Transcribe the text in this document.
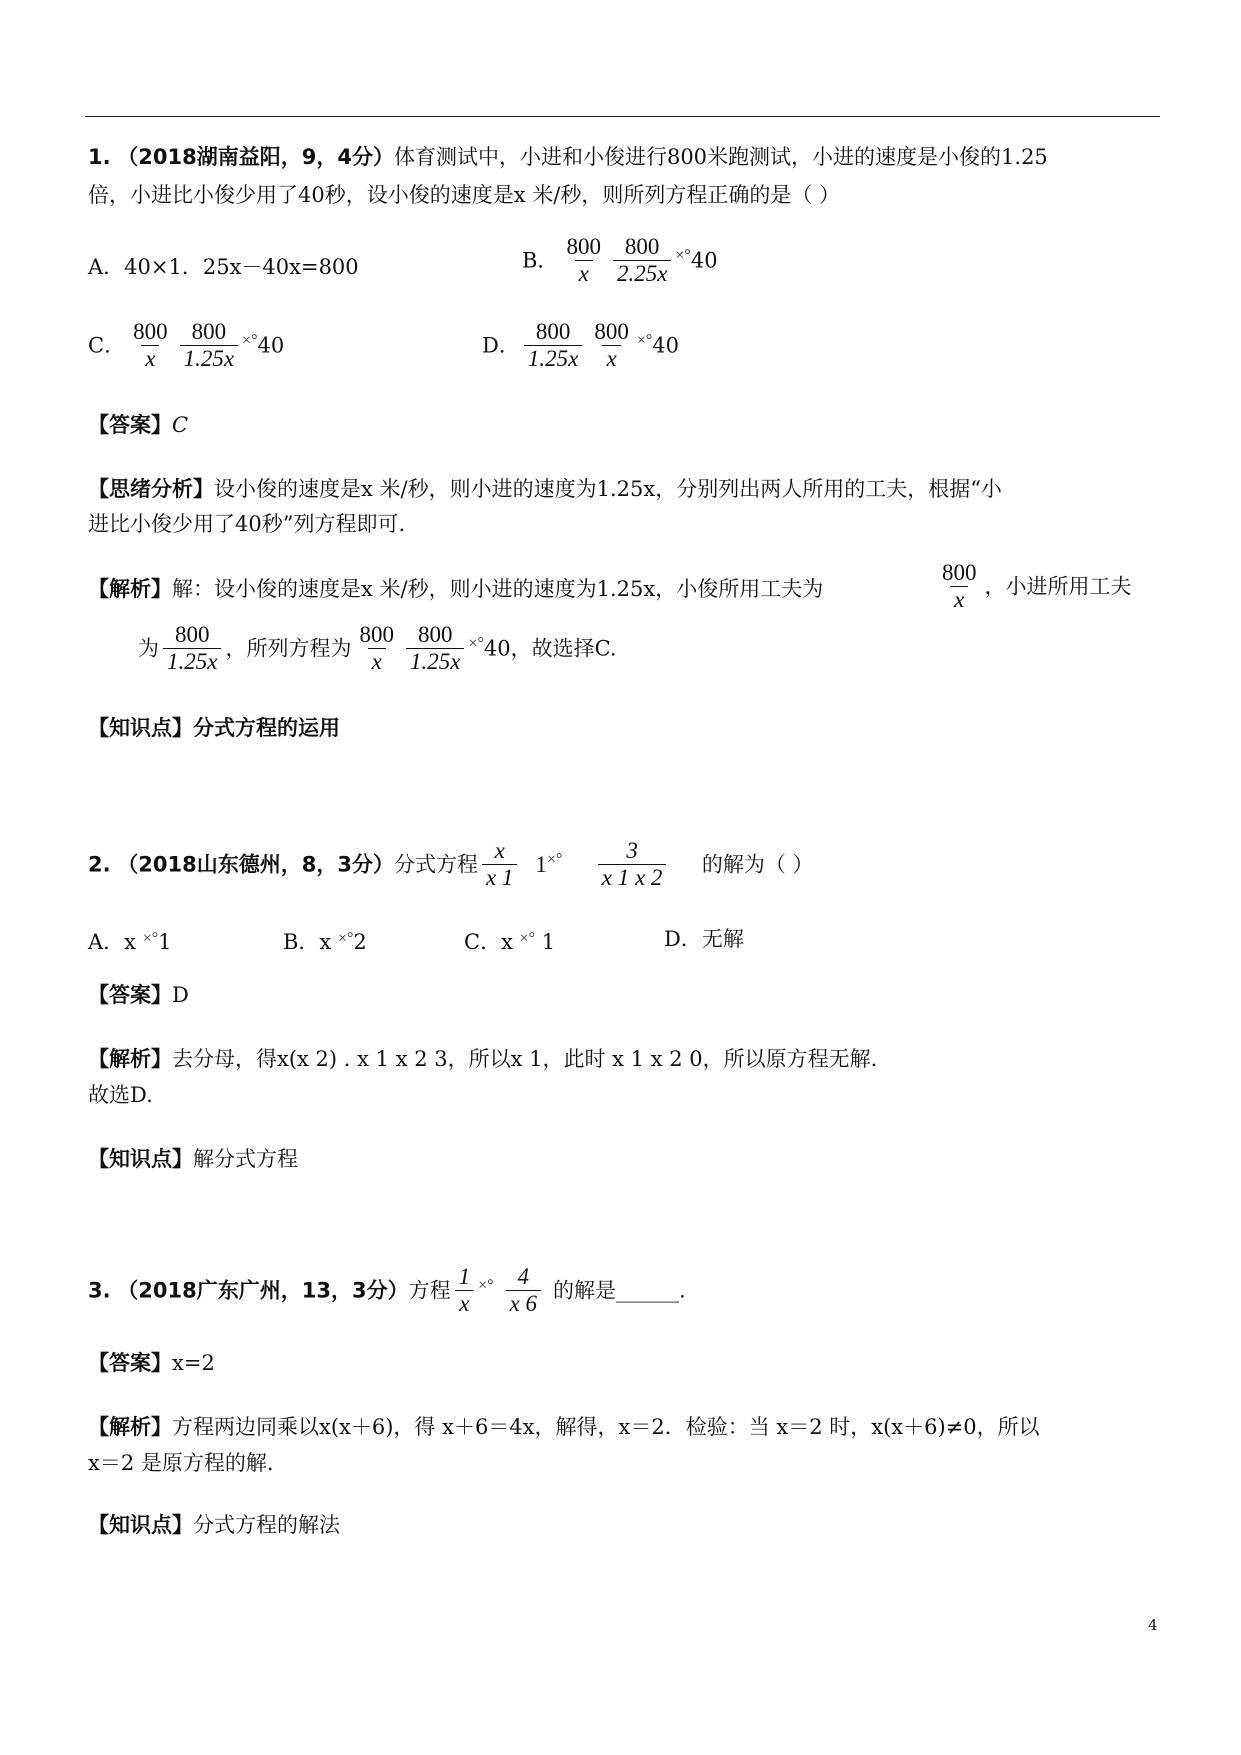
1. （2018湖南益阳，9，4分）体育测试中，小进和小俊进行800米跑测试，小进的速度是小俊的1.25
倍，小进比小俊少用了40秒，设小俊的速度是x 米/秒，则所列方程正确的是（ ）
A．40×1．25x－40x=800	B． $\frac{800}{x} \frac{800}{2.25x} ^{\times^\circ}40$
C． $\frac{800}{x} \frac{800}{1.25x} ^{\times^\circ}40$	D． $\frac{800}{1.25x} \frac{800}{x} ^{\times^\circ}40$
【答案】C
【思绪分析】设小俊的速度是x 米/秒，则小进的速度为1.25x，分别列出两人所用的工夫，根据“小
进比小俊少用了40秒”列方程即可.
【解析】解：设小俊的速度是x 米/秒，则小进的速度为1.25x，小俊所用工夫为	$\frac{800}{x}$ ，小进所用工夫
为 $\frac{800}{1.25x}$ ，所列方程为 $\frac{800}{x} \frac{800}{1.25x} ^{\times^\circ}40$，故选择C.
【知识点】分式方程的运用
2. （2018山东德州，8，3分）分式方程 $\frac{x}{x 1} 1^{\times^\circ} \frac{3}{x 1 x 2}$ 的解为（ ）
A．x ×°1	B．x ×°2	C．x ×° 1	D．无解
【答案】D
【解析】去分母，得x(x 2) . x 1 x 2 3，所以x 1，此时 x 1 x 2 0，所以原方程无解.
故选D.
【知识点】解分式方程
3. （2018广东广州，13，3分）方程 $\frac{1}{x} ^{\times^\circ} \frac{4}{x 6}$ 的解是______.
【答案】x=2
【解析】方程两边同乘以x(x＋6)，得 x＋6＝4x，解得，x＝2．检验：当 x＝2 时，x(x＋6)≠0，所以
x＝2 是原方程的解.
【知识点】分式方程的解法
4
